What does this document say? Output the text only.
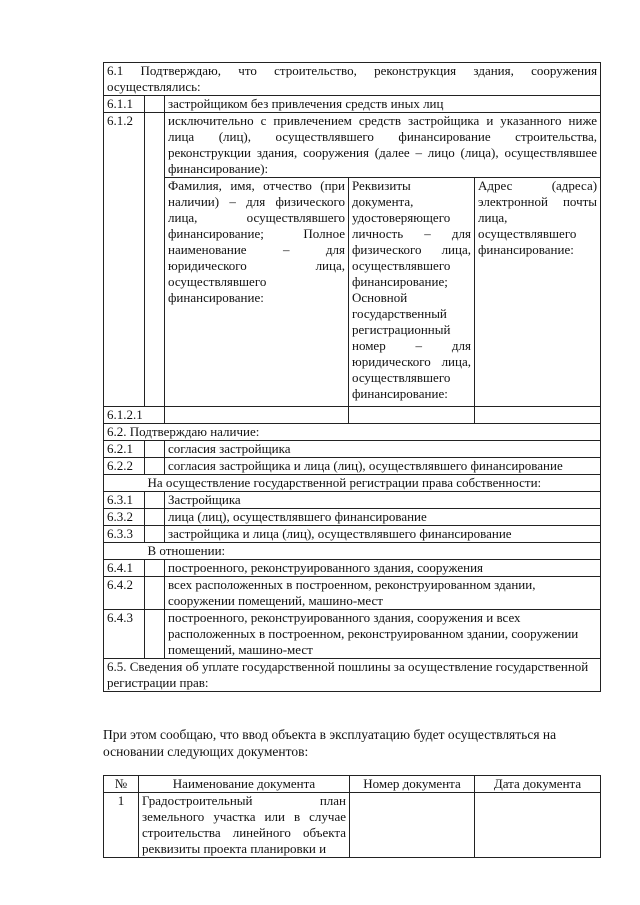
6.1 Подтверждаю, что строительство, реконструкция здания, сооружения осуществлялись:				
6.1.1		застройщиком без привлечения средств иных лиц		
6.1.2		исключительно с привлечением средств застройщика и указанного ниже лица (лиц), осуществлявшего финансирование строительства, реконструкции здания, сооружения (далее – лицо (лица), осуществлявшее финансирование):		
		Фамилия, имя, отчество (при наличии) – для физического лица, осуществлявшего финансирование; Полное наименование – для юридического лица, осуществлявшего финансирование:	Реквизиты документа, удостоверяющего личность – для физического лица, осуществлявшего финансирование; Основной государственный регистрационный номер – для юридического лица, осуществлявшего финансирование:	Адрес (адреса) электронной почты лица, осуществлявшего финансирование:
6.1.2.1				
6.2. Подтверждаю наличие:				
6.2.1		согласия застройщика		
6.2.2		согласия застройщика и лица (лиц), осуществлявшего финансирование		
	На осуществление государственной регистрации права собственности:			
6.3.1		Застройщика		
6.3.2		лица (лиц), осуществлявшего финансирование		
6.3.3		застройщика и лица (лиц), осуществлявшего финансирование		
	В отношении:			
6.4.1		построенного, реконструированного здания, сооружения		
6.4.2		всех расположенных в построенном, реконструированном здании, сооружении помещений, машино-мест		
6.4.3		построенного, реконструированного здания, сооружения и всех расположенных в построенном, реконструированном здании, сооружении помещений, машино-мест		
6.5. Сведения об уплате государственной пошлины за осуществление государственной регистрации прав:				

При этом сообщаю, что ввод объекта в эксплуатацию будет осуществляться на основании следующих документов:

№	Наименование документа	Номер документа	Дата документа
1	Градостроительный план земельного участка или в случае строительства линейного объекта реквизиты проекта планировки и		
